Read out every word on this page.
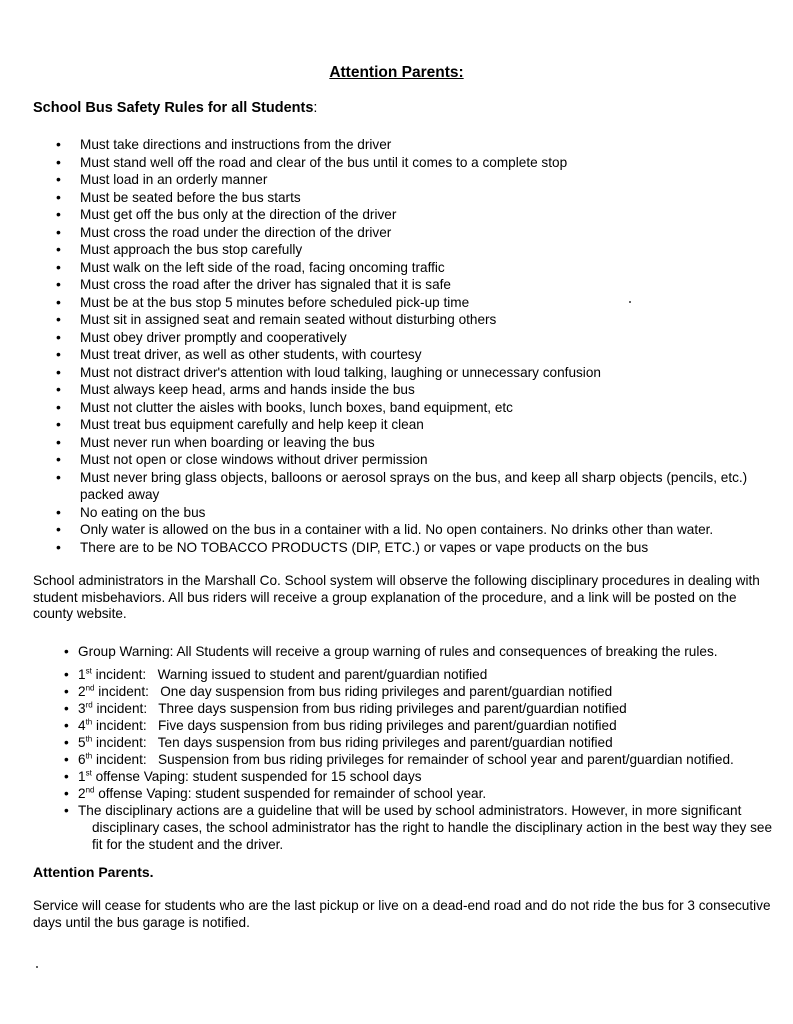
Attention Parents:
School Bus Safety Rules for all Students:
• Must take directions and instructions from the driver
• Must stand well off the road and clear of the bus until it comes to a complete stop
• Must load in an orderly manner
• Must be seated before the bus starts
• Must get off the bus only at the direction of the driver
• Must cross the road under the direction of the driver
• Must approach the bus stop carefully
• Must walk on the left side of the road, facing oncoming traffic
• Must cross the road after the driver has signaled that it is safe
• Must be at the bus stop 5 minutes before scheduled pick-up time
• Must sit in assigned seat and remain seated without disturbing others
• Must obey driver promptly and cooperatively
• Must treat driver, as well as other students, with courtesy
• Must not distract driver's attention with loud talking, laughing or unnecessary confusion
• Must always keep head, arms and hands inside the bus
• Must not clutter the aisles with books, lunch boxes, band equipment, etc
• Must treat bus equipment carefully and help keep it clean
• Must never run when boarding or leaving the bus
• Must not open or close windows without driver permission
• Must never bring glass objects, balloons or aerosol sprays on the bus, and keep all sharp objects (pencils, etc.) packed away
• No eating on the bus
• Only water is allowed on the bus in a container with a lid. No open containers. No drinks other than water.
• There are to be NO TOBACCO PRODUCTS (DIP, ETC.) or vapes or vape products on the bus

School administrators in the Marshall Co. School system will observe the following disciplinary procedures in dealing with student misbehaviors. All bus riders will receive a group explanation of the procedure, and a link will be posted on the county website.

• Group Warning: All Students will receive a group warning of rules and consequences of breaking the rules.
• 1st incident: Warning issued to student and parent/guardian notified
• 2nd incident: One day suspension from bus riding privileges and parent/guardian notified
• 3rd incident: Three days suspension from bus riding privileges and parent/guardian notified
• 4th incident: Five days suspension from bus riding privileges and parent/guardian notified
• 5th incident: Ten days suspension from bus riding privileges and parent/guardian notified
• 6th incident: Suspension from bus riding privileges for remainder of school year and parent/guardian notified.
• 1st offense Vaping: student suspended for 15 school days
• 2nd offense Vaping: student suspended for remainder of school year.
• The disciplinary actions are a guideline that will be used by school administrators. However, in more significant disciplinary cases, the school administrator has the right to handle the disciplinary action in the best way they see fit for the student and the driver.
Attention Parents.

Service will cease for students who are the last pickup or live on a dead-end road and do not ride the bus for 3 consecutive days until the bus garage is notified.
